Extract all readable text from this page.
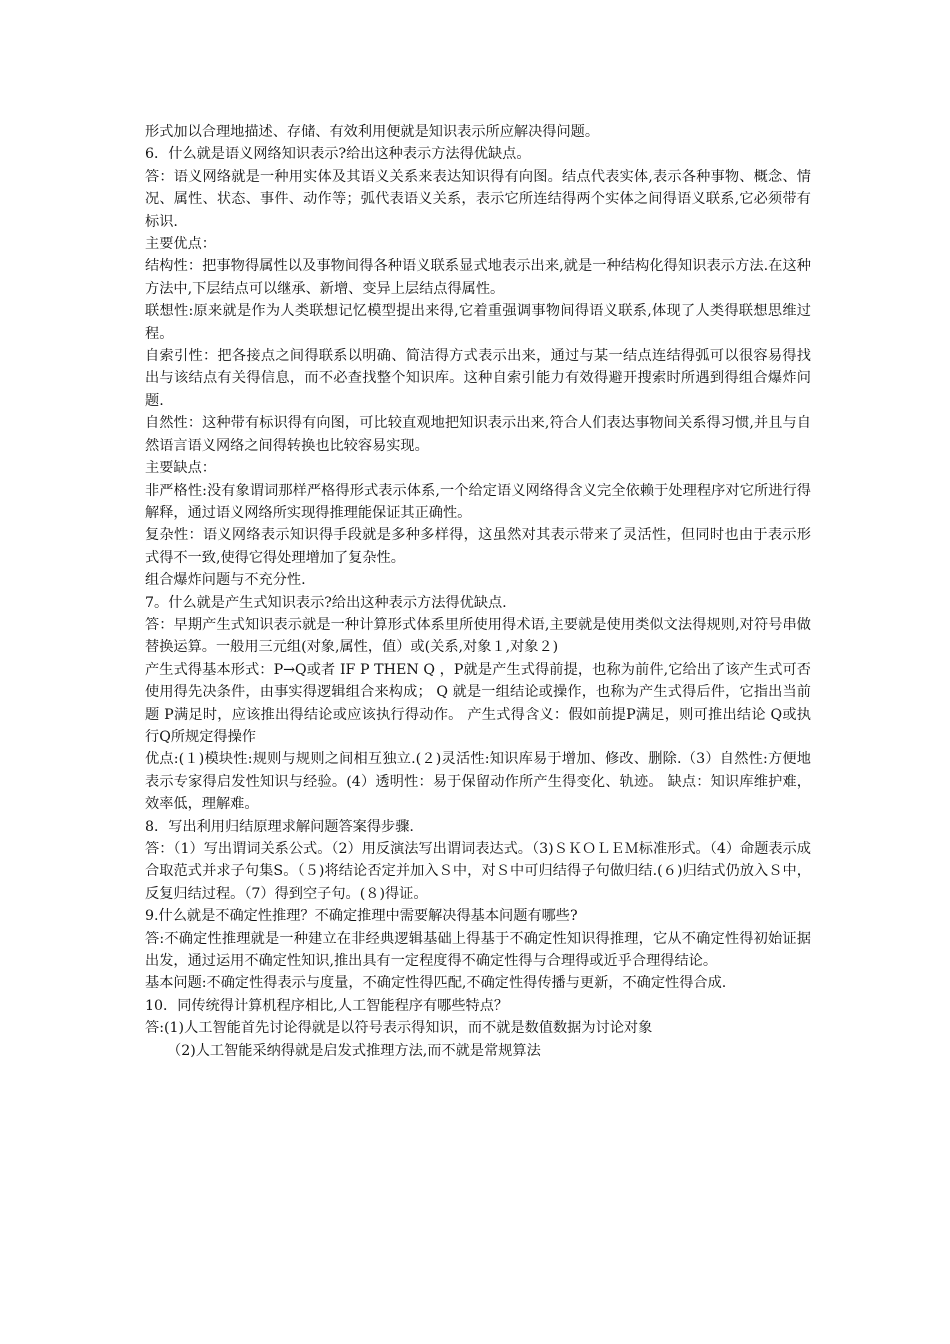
形式加以合理地描述、存储、有效利用便就是知识表示所应解决得问题。

6．什么就是语义网络知识表示?给出这种表示方法得优缺点。

答：语义网络就是一种用实体及其语义关系来表达知识得有向图。结点代表实体,表示各种事物、概念、情况、属性、状态、事件、动作等；弧代表语义关系，表示它所连结得两个实体之间得语义联系,它必须带有标识.

主要优点：

结构性：把事物得属性以及事物间得各种语义联系显式地表示出来,就是一种结构化得知识表示方法.在这种方法中,下层结点可以继承、新增、变异上层结点得属性。

联想性:原来就是作为人类联想记忆模型提出来得,它着重强调事物间得语义联系,体现了人类得联想思维过程。

自索引性：把各接点之间得联系以明确、简洁得方式表示出来，通过与某一结点连结得弧可以很容易得找出与该结点有关得信息，而不必查找整个知识库。这种自索引能力有效得避开搜索时所遇到得组合爆炸问题.

自然性：这种带有标识得有向图，可比较直观地把知识表示出来,符合人们表达事物间关系得习惯,并且与自然语言语义网络之间得转换也比较容易实现。

主要缺点：

非严格性:没有象谓词那样严格得形式表示体系,一个给定语义网络得含义完全依赖于处理程序对它所进行得解释，通过语义网络所实现得推理能保证其正确性。

复杂性：语义网络表示知识得手段就是多种多样得，这虽然对其表示带来了灵活性，但同时也由于表示形式得不一致,使得它得处理增加了复杂性。

组合爆炸问题与不充分性.

7。什么就是产生式知识表示?给出这种表示方法得优缺点.

答：早期产生式知识表示就是一种计算形式体系里所使用得术语,主要就是使用类似文法得规则,对符号串做替换运算。一般用三元组(对象,属性，值）或(关系,对象１,对象２)

产生式得基本形式：P→Q或者 IF P THEN Q ，P就是产生式得前提，也称为前件,它给出了该产生式可否使用得先决条件，由事实得逻辑组合来构成； Q 就是一组结论或操作，也称为产生式得后件，它指出当前题 P满足时，应该推出得结论或应该执行得动作。 产生式得含义：假如前提P满足，则可推出结论 Q或执行Q所规定得操作

优点:(１)模块性:规则与规则之间相互独立.(２)灵活性:知识库易于增加、修改、删除.（3）自然性:方便地表示专家得启发性知识与经验。(4）透明性：易于保留动作所产生得变化、轨迹。 缺点：知识库维护难，效率低，理解难。

8．写出利用归结原理求解问题答案得步骤.

答：（1）写出谓词关系公式。（2）用反演法写出谓词表达式。（3)ＳＫＯＬＥＭ标准形式。（4）命题表示成合取范式并求子句集S。（５)将结论否定并加入Ｓ中，对Ｓ中可归结得子句做归结.(６)归结式仍放入Ｓ中，反复归结过程。（7）得到空子句。(８)得证。

9.什么就是不确定性推理？不确定推理中需要解决得基本问题有哪些?

答:不确定性推理就是一种建立在非经典逻辑基础上得基于不确定性知识得推理，它从不确定性得初始证据出发，通过运用不确定性知识,推出具有一定程度得不确定性得与合理得或近乎合理得结论。

基本问题:不确定性得表示与度量，不确定性得匹配,不确定性得传播与更新，不确定性得合成.

10．同传统得计算机程序相比,人工智能程序有哪些特点？

答:(1)人工智能首先讨论得就是以符号表示得知识，而不就是数值数据为讨论对象

（2)人工智能采纳得就是启发式推理方法,而不就是常规算法
